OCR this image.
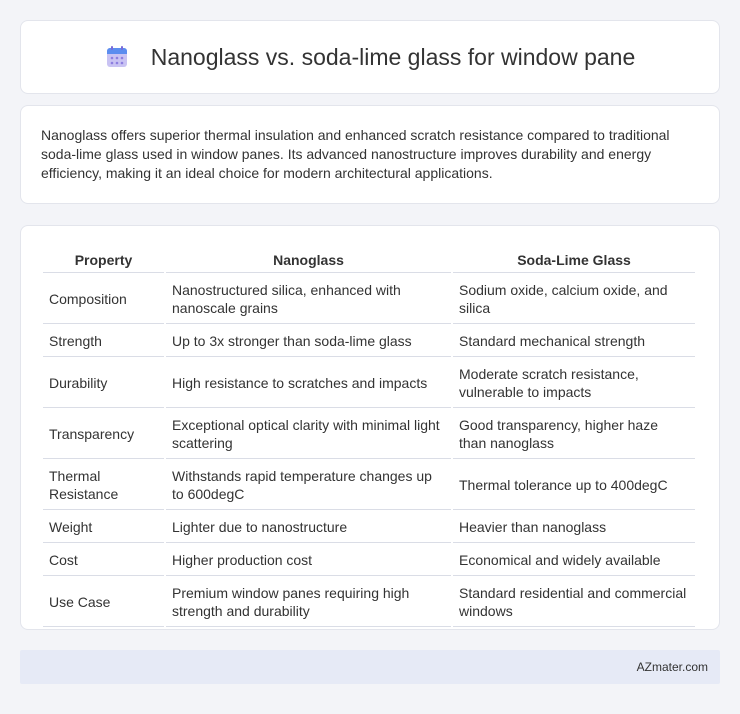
Nanoglass vs. soda-lime glass for window pane

Nanoglass offers superior thermal insulation and enhanced scratch resistance compared to traditional soda-lime glass used in window panes. Its advanced nanostructure improves durability and energy efficiency, making it an ideal choice for modern architectural applications.

Property	Nanoglass	Soda-Lime Glass
Composition	Nanostructured silica, enhanced with nanoscale grains	Sodium oxide, calcium oxide, and silica
Strength	Up to 3x stronger than soda-lime glass	Standard mechanical strength
Durability	High resistance to scratches and impacts	Moderate scratch resistance, vulnerable to impacts
Transparency	Exceptional optical clarity with minimal light scattering	Good transparency, higher haze than nanoglass
Thermal Resistance	Withstands rapid temperature changes up to 600degC	Thermal tolerance up to 400degC
Weight	Lighter due to nanostructure	Heavier than nanoglass
Cost	Higher production cost	Economical and widely available
Use Case	Premium window panes requiring high strength and durability	Standard residential and commercial windows
AZmater.com
